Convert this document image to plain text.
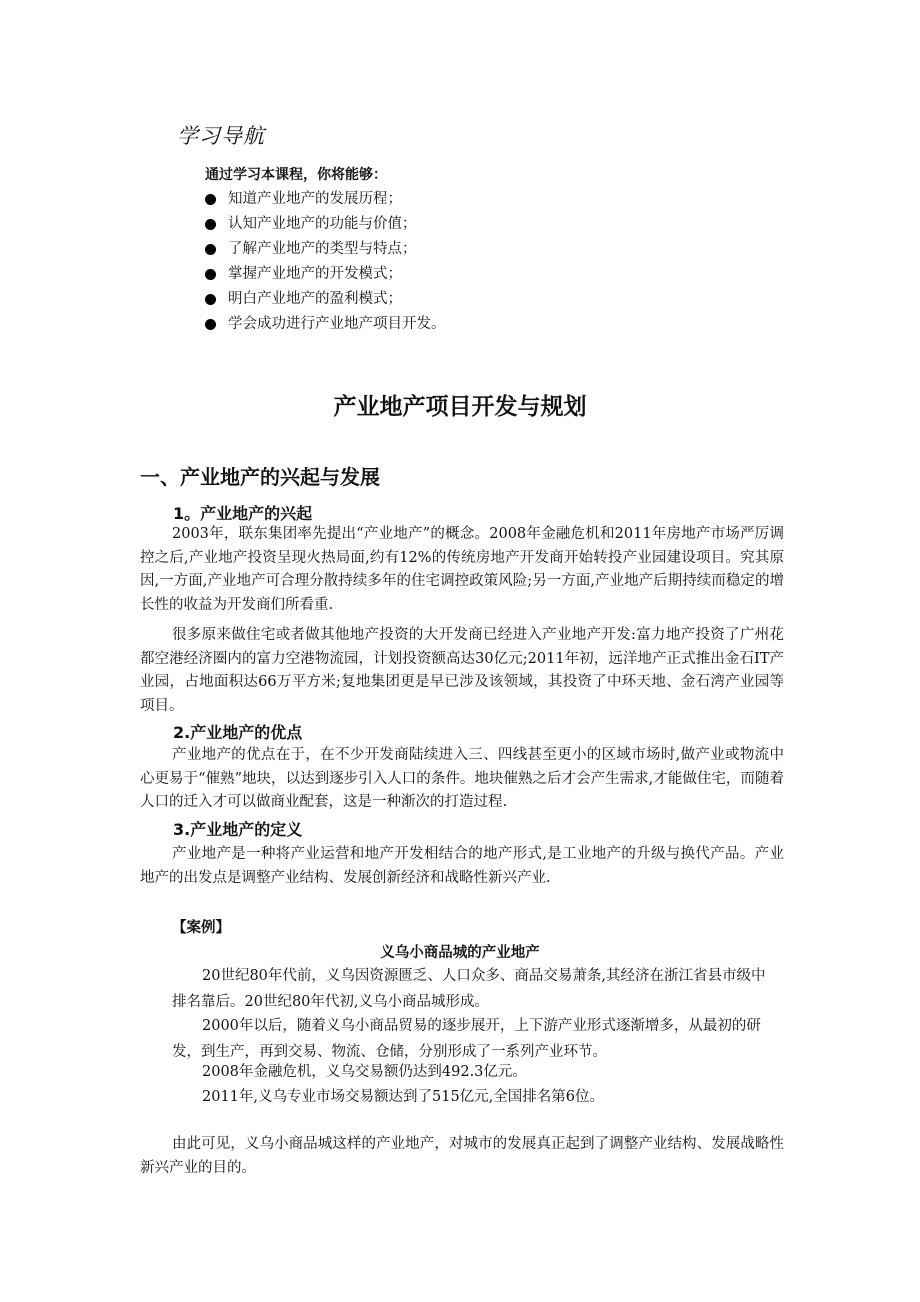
学习导航
通过学习本课程，你将能够：
知道产业地产的发展历程；
认知产业地产的功能与价值；
了解产业地产的类型与特点；
掌握产业地产的开发模式；
明白产业地产的盈利模式；
学会成功进行产业地产项目开发。
产业地产项目开发与规划
一、产业地产的兴起与发展
1。产业地产的兴起

2003年，联东集团率先提出“产业地产”的概念。2008年金融危机和2011年房地产市场严厉调控之后,产业地产投资呈现火热局面,约有12%的传统房地产开发商开始转投产业园建设项目。究其原因,一方面,产业地产可合理分散持续多年的住宅调控政策风险;另一方面,产业地产后期持续而稳定的增长性的收益为开发商们所看重.

很多原来做住宅或者做其他地产投资的大开发商已经进入产业地产开发:富力地产投资了广州花都空港经济圈内的富力空港物流园，计划投资额高达30亿元;2011年初，远洋地产正式推出金石IT产业园，占地面积达66万平方米;复地集团更是早已涉及该领域，其投资了中环天地、金石湾产业园等项目。

2.产业地产的优点

产业地产的优点在于，在不少开发商陆续进入三、四线甚至更小的区域市场时,做产业或物流中心更易于“催熟”地块，以达到逐步引入人口的条件。地块催熟之后才会产生需求,才能做住宅，而随着人口的迁入才可以做商业配套，这是一种渐次的打造过程.

3.产业地产的定义

产业地产是一种将产业运营和地产开发相结合的地产形式,是工业地产的升级与换代产品。产业地产的出发点是调整产业结构、发展创新经济和战略性新兴产业.

【案例】
义乌小商品城的产业地产

20世纪80年代前，义乌因资源匮乏、人口众多、商品交易萧条,其经济在浙江省县市级中排名靠后。20世纪80年代初,义乌小商品城形成。

2000年以后，随着义乌小商品贸易的逐步展开，上下游产业形式逐渐增多，从最初的研发，到生产，再到交易、物流、仓储，分别形成了一系列产业环节。

2008年金融危机，义乌交易额仍达到492.3亿元。

2011年,义乌专业市场交易额达到了515亿元,全国排名第6位。

由此可见，义乌小商品城这样的产业地产，对城市的发展真正起到了调整产业结构、发展战略性新兴产业的目的。
